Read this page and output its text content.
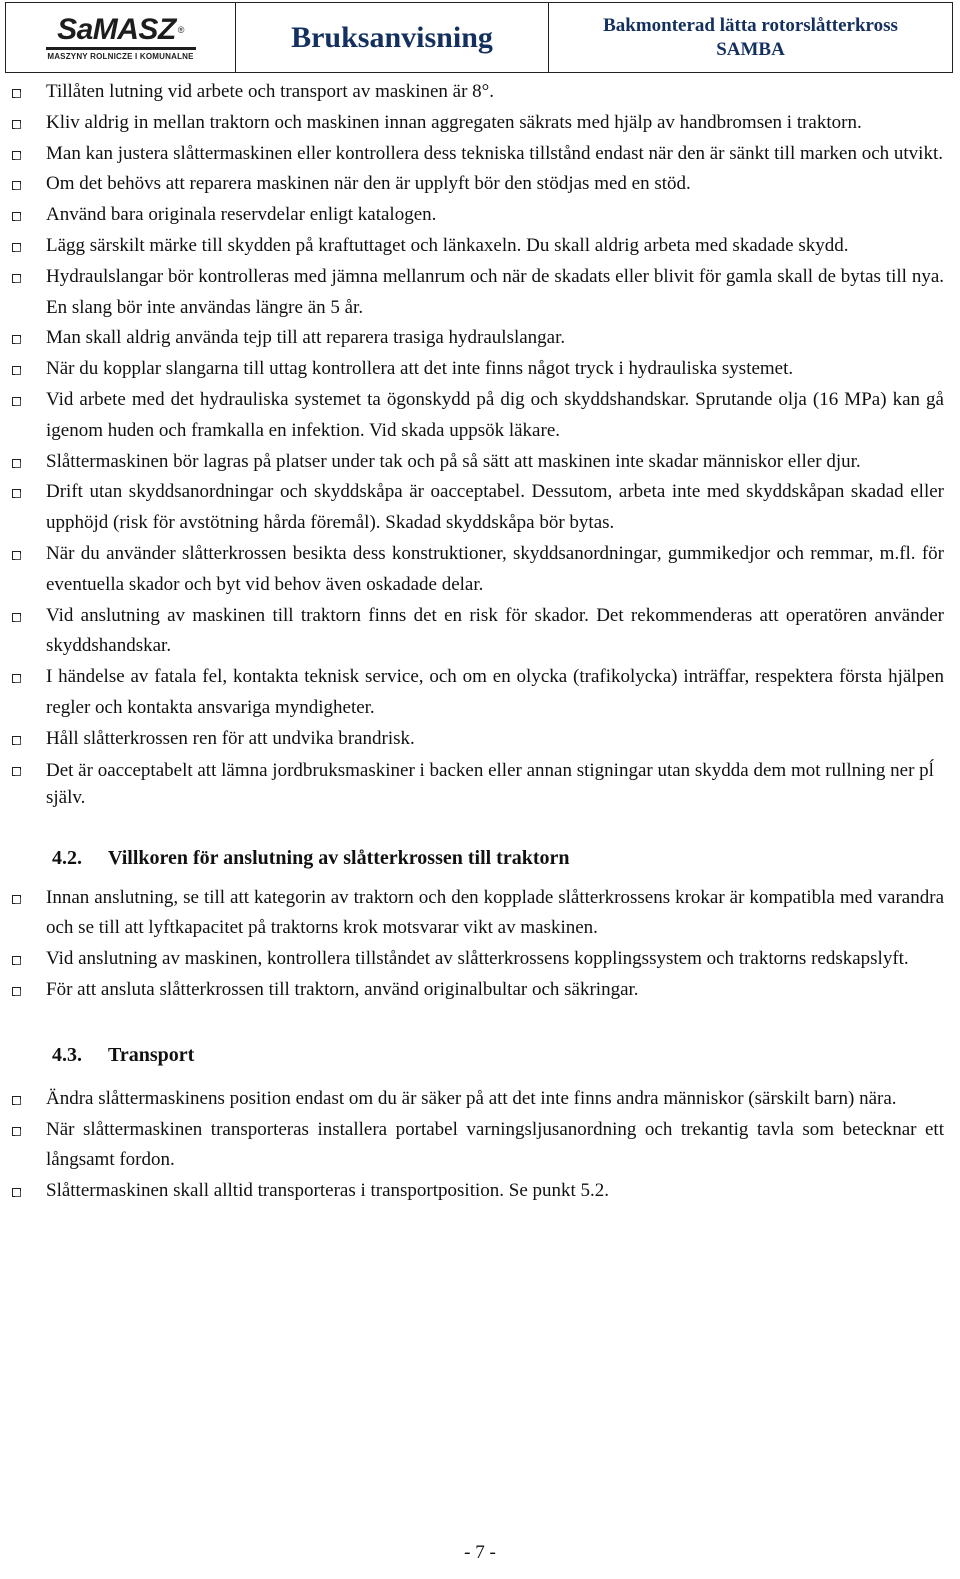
SaMASZ ®
MASZYNY ROLNICZE I KOMUNALNE
Bruksanvisning	Bakmonterad lätta rotorslåtterkross
SAMBA
Tillåten lutning vid arbete och transport av maskinen är 8°.
Kliv aldrig in mellan traktorn och maskinen innan aggregaten säkrats med hjälp av handbromsen i traktorn.
Man kan justera slåttermaskinen eller kontrollera dess tekniska tillstånd endast när den är sänkt till marken och utvikt.
Om det behövs att reparera maskinen när den är upplyft bör den stödjas med en stöd.
Använd bara originala reservdelar enligt katalogen.
Lägg särskilt märke till skydden på kraftuttaget och länkaxeln. Du skall aldrig arbeta med skadade skydd.
Hydraulslangar bör kontrolleras med jämna mellanrum och när de skadats eller blivit för gamla skall de bytas till nya. En slang bör inte användas längre än 5 år.
Man skall aldrig använda tejp till att reparera trasiga hydraulslangar.
När du kopplar slangarna till uttag kontrollera att det inte finns något tryck i hydrauliska systemet.
Vid arbete med det hydrauliska systemet ta ögonskydd på dig och skyddshandskar. Sprutande olja (16 MPa) kan gå igenom huden och framkalla en infektion. Vid skada uppsök läkare.
Slåttermaskinen bör lagras på platser under tak och på så sätt att maskinen inte skadar människor eller djur.
Drift utan skyddsanordningar och skyddskåpa är oacceptabel. Dessutom, arbeta inte med skyddskåpan skadad eller upphöjd (risk för avstötning hårda föremål). Skadad skyddskåpa bör bytas.
När du använder slåtterkrossen besikta dess konstruktioner, skyddsanordningar, gummikedjor och remmar, m.fl. för eventuella skador och byt vid behov även oskadade delar.
Vid anslutning av maskinen till traktorn finns det en risk för skador. Det rekommenderas att operatören använder skyddshandskar.
I händelse av fatala fel, kontakta teknisk service, och om en olycka (trafikolycka) inträffar, respektera första hjälpen regler och kontakta ansvariga myndigheter.
Håll slåtterkrossen ren för att undvika brandrisk.
Det är oacceptabelt att lämna jordbruksmaskiner i backen eller annan stigningar utan skydda dem mot rullning ner pĺ själv.
4.2.	Villkoren för anslutning av slåtterkrossen till traktorn
Innan anslutning, se till att kategorin av traktorn och den kopplade slåtterkrossens krokar är kompatibla med varandra och se till att lyftkapacitet på traktorns krok motsvarar vikt av maskinen.
Vid anslutning av maskinen, kontrollera tillståndet av slåtterkrossens kopplingssystem och traktorns redskapslyft.
För att ansluta slåtterkrossen till traktorn, använd originalbultar och säkringar.
4.3.	Transport
Ändra slåttermaskinens position endast om du är säker på att det inte finns andra människor (särskilt barn) nära.
När slåttermaskinen transporteras installera portabel varningsljusanordning och trekantig tavla som betecknar ett långsamt fordon.
Slåttermaskinen skall alltid transporteras i transportposition. Se punkt 5.2.
- 7 -
